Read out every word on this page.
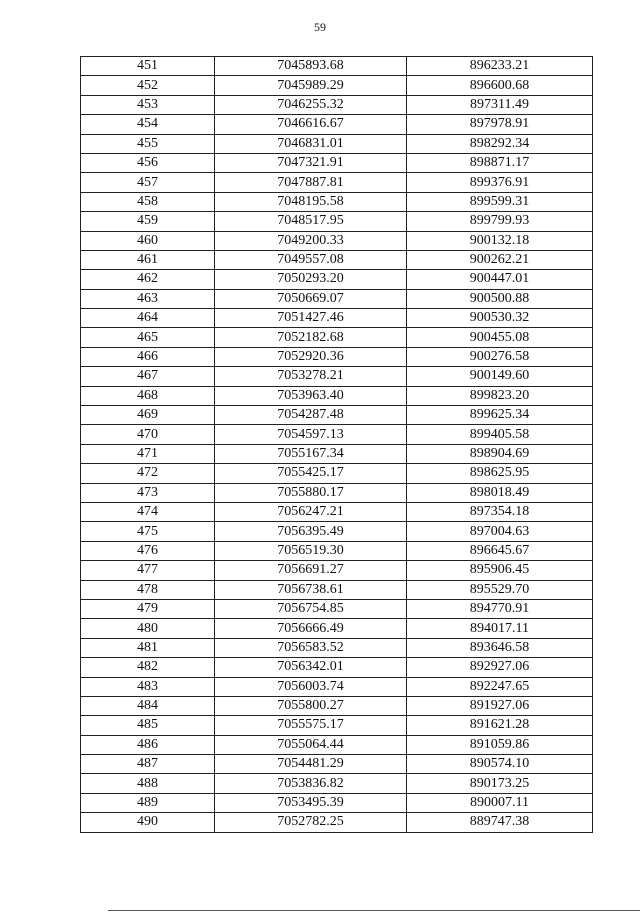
59
451	7045893.68	896233.21
452	7045989.29	896600.68
453	7046255.32	897311.49
454	7046616.67	897978.91
455	7046831.01	898292.34
456	7047321.91	898871.17
457	7047887.81	899376.91
458	7048195.58	899599.31
459	7048517.95	899799.93
460	7049200.33	900132.18
461	7049557.08	900262.21
462	7050293.20	900447.01
463	7050669.07	900500.88
464	7051427.46	900530.32
465	7052182.68	900455.08
466	7052920.36	900276.58
467	7053278.21	900149.60
468	7053963.40	899823.20
469	7054287.48	899625.34
470	7054597.13	899405.58
471	7055167.34	898904.69
472	7055425.17	898625.95
473	7055880.17	898018.49
474	7056247.21	897354.18
475	7056395.49	897004.63
476	7056519.30	896645.67
477	7056691.27	895906.45
478	7056738.61	895529.70
479	7056754.85	894770.91
480	7056666.49	894017.11
481	7056583.52	893646.58
482	7056342.01	892927.06
483	7056003.74	892247.65
484	7055800.27	891927.06
485	7055575.17	891621.28
486	7055064.44	891059.86
487	7054481.29	890574.10
488	7053836.82	890173.25
489	7053495.39	890007.11
490	7052782.25	889747.38
